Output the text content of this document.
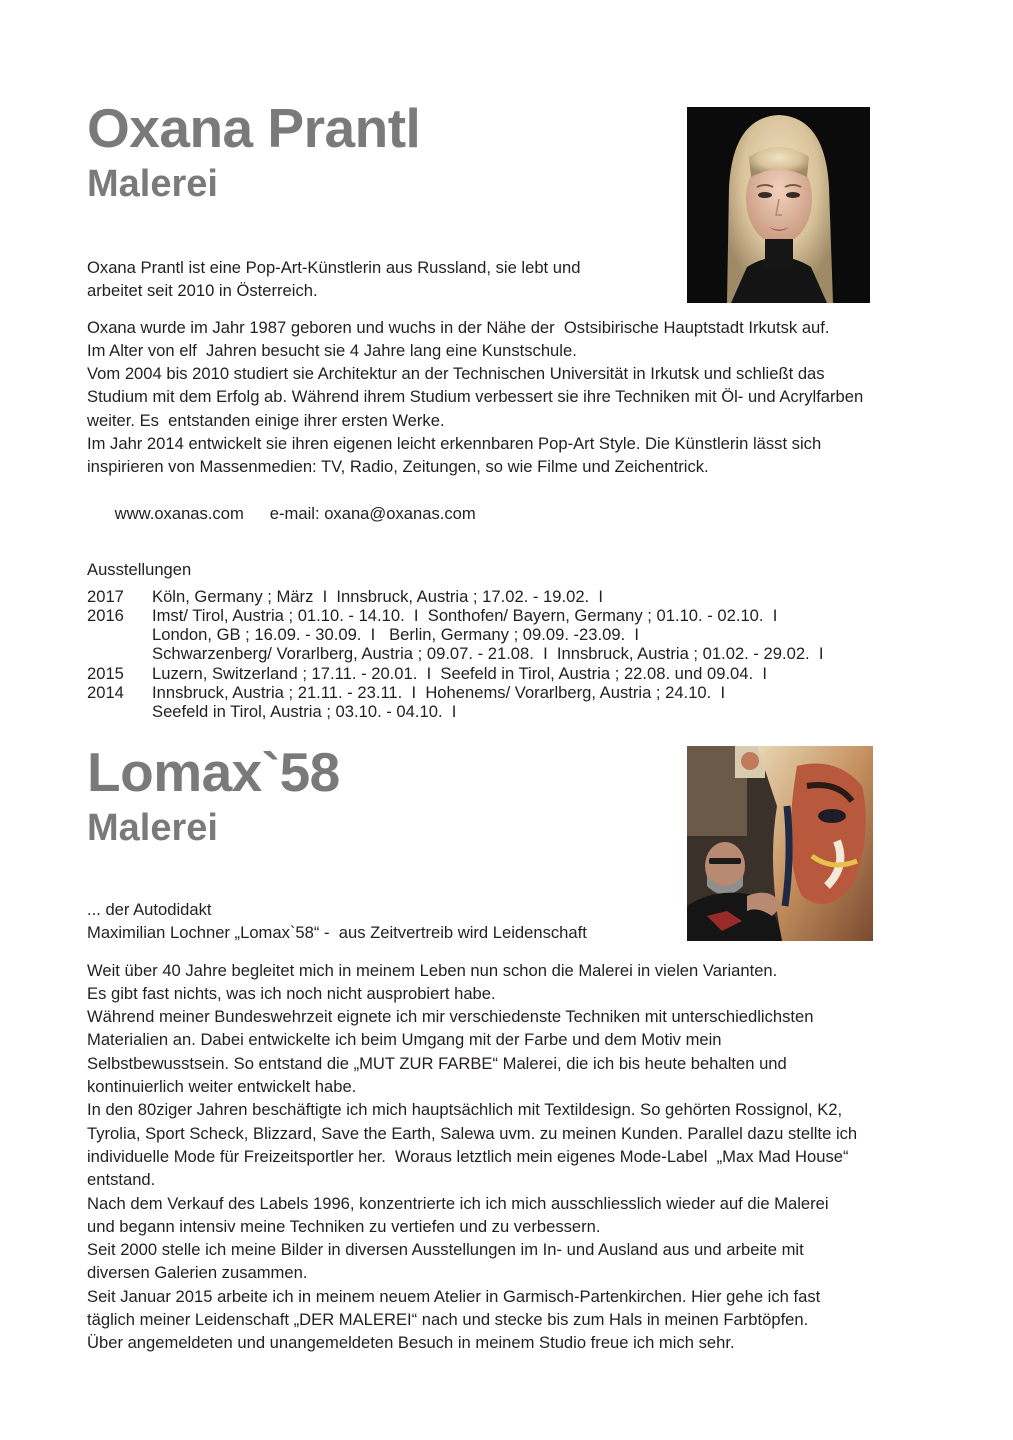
Oxana Prantl
Malerei
Oxana Prantl ist eine Pop-Art-Künstlerin aus Russland, sie lebt und
arbeitet seit 2010 in Österreich.
Oxana wurde im Jahr 1987 geboren und wuchs in der Nähe der  Ostsibirische Hauptstadt Irkutsk auf.
Im Alter von elf  Jahren besucht sie 4 Jahre lang eine Kunstschule.
Vom 2004 bis 2010 studiert sie Architektur an der Technischen Universität in Irkutsk und schließt das
Studium mit dem Erfolg ab. Während ihrem Studium verbessert sie ihre Techniken mit Öl- und Acrylfarben
weiter. Es  entstanden einige ihrer ersten Werke.
Im Jahr 2014 entwickelt sie ihren eigenen leicht erkennbaren Pop-Art Style. Die Künstlerin lässt sich
inspirieren von Massenmedien: TV, Radio, Zeitungen, so wie Filme und Zeichentrick.

www.oxanas.com e-mail: oxana@oxanas.com

Ausstellungen
2017	Köln, Germany ; März  I  Innsbruck, Austria ; 17.02. - 19.02.  I
2016	Imst/ Tirol, Austria ; 01.10. - 14.10.  I  Sonthofen/ Bayern, Germany ; 01.10. - 02.10.  I
London, GB ; 16.09. - 30.09.  I   Berlin, Germany ; 09.09. -23.09.  I
Schwarzenberg/ Vorarlberg, Austria ; 09.07. - 21.08.  I  Innsbruck, Austria ; 01.02. - 29.02.  I
2015	Luzern, Switzerland ; 17.11. - 20.01.  I  Seefeld in Tirol, Austria ; 22.08. und 09.04.  I
2014	Innsbruck, Austria ; 21.11. - 23.11.  I  Hohenems/ Vorarlberg, Austria ; 24.10.  I
Seefeld in Tirol, Austria ; 03.10. - 04.10.  I
Lomax`58
Malerei
... der Autodidakt
Maximilian Lochner „Lomax`58“ -  aus Zeitvertreib wird Leidenschaft
Weit über 40 Jahre begleitet mich in meinem Leben nun schon die Malerei in vielen Varianten.
Es gibt fast nichts, was ich noch nicht ausprobiert habe.
Während meiner Bundeswehrzeit eignete ich mir verschiedenste Techniken mit unterschiedlichsten
Materialien an. Dabei entwickelte ich beim Umgang mit der Farbe und dem Motiv mein
Selbstbewusstsein. So entstand die „MUT ZUR FARBE“ Malerei, die ich bis heute behalten und
kontinuierlich weiter entwickelt habe.
In den 80ziger Jahren beschäftigte ich mich hauptsächlich mit Textildesign. So gehörten Rossignol, K2,
Tyrolia, Sport Scheck, Blizzard, Save the Earth, Salewa uvm. zu meinen Kunden. Parallel dazu stellte ich
individuelle Mode für Freizeitsportler her.  Woraus letztlich mein eigenes Mode-Label  „Max Mad House“
entstand.
Nach dem Verkauf des Labels 1996, konzentrierte ich ich mich ausschliesslich wieder auf die Malerei
und begann intensiv meine Techniken zu vertiefen und zu verbessern.
Seit 2000 stelle ich meine Bilder in diversen Ausstellungen im In- und Ausland aus und arbeite mit
diversen Galerien zusammen.
Seit Januar 2015 arbeite ich in meinem neuem Atelier in Garmisch-Partenkirchen. Hier gehe ich fast
täglich meiner Leidenschaft „DER MALEREI“ nach und stecke bis zum Hals in meinen Farbtöpfen.
Über angemeldeten und unangemeldeten Besuch in meinem Studio freue ich mich sehr.
